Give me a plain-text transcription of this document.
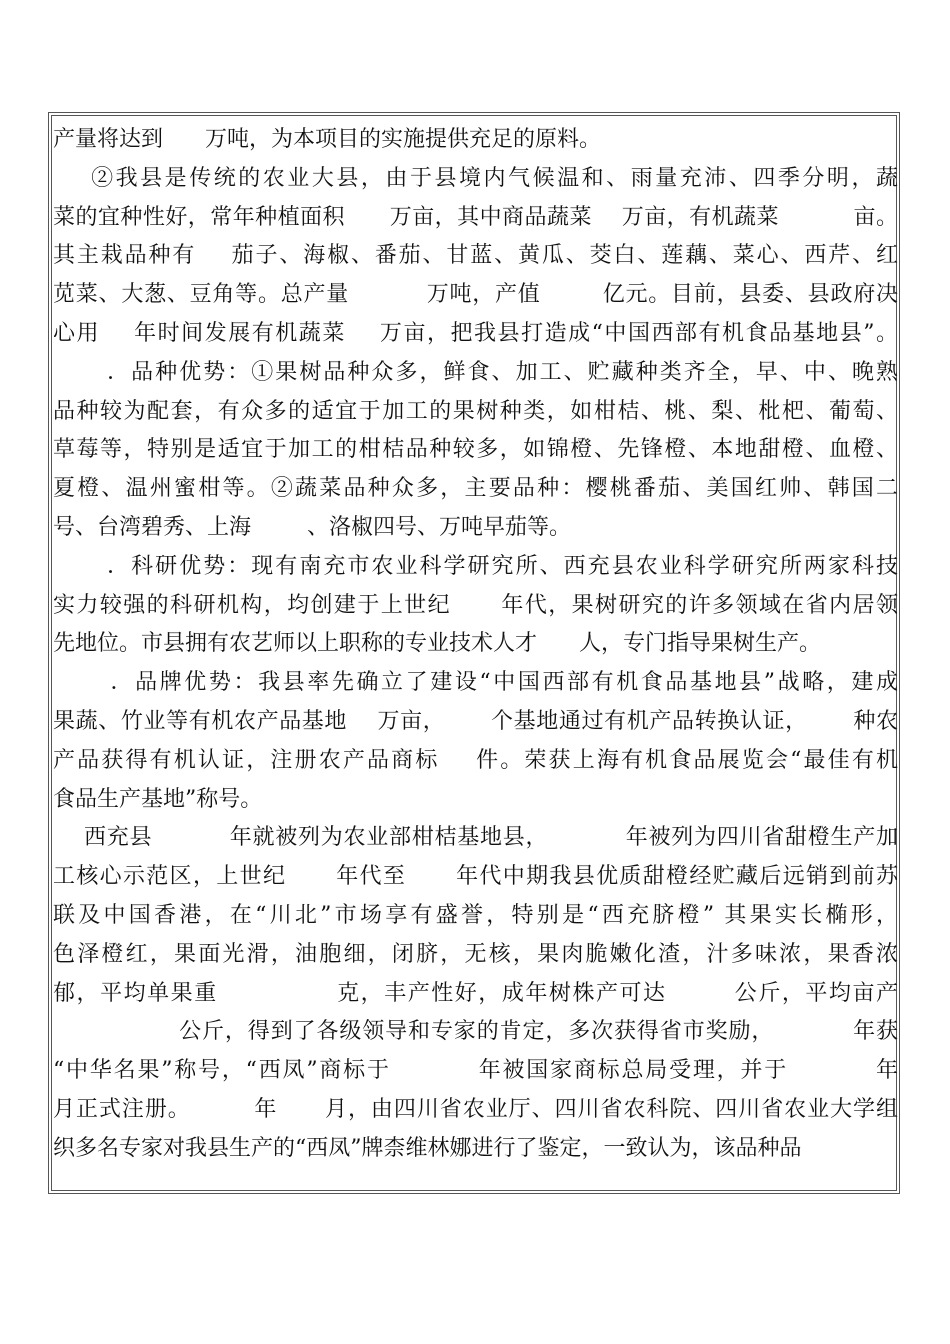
产量将达到      万吨，为本项目的实施提供充足的原料。
②我县是传统的农业大县，由于县境内气候温和、雨量充沛、四季分明，蔬
菜的宜种性好，常年种植面积      万亩，其中商品蔬菜    万亩，有机蔬菜          亩。
其主栽品种有    茄子、海椒、番茄、甘蓝、黄瓜、茭白、莲藕、菜心、西芹、红
苋菜、大葱、豆角等。总产量          万吨，产值        亿元。目前，县委、县政府决
心用    年时间发展有机蔬菜    万亩，把我县打造成“中国西部有机食品基地县”。
．品种优势：①果树品种众多，鲜食、加工、贮藏种类齐全，早、中、晚熟
品种较为配套，有众多的适宜于加工的果树种类，如柑桔、桃、梨、枇杷、葡萄、
草莓等，特别是适宜于加工的柑桔品种较多，如锦橙、先锋橙、本地甜橙、血橙、
夏橙、温州蜜柑等。②蔬菜品种众多，主要品种：樱桃番茄、美国红帅、韩国二
号、台湾碧秀、上海        、洛椒四号、万吨早茄等。
．科研优势：现有南充市农业科学研究所、西充县农业科学研究所两家科技
实力较强的科研机构，均创建于上世纪      年代，果树研究的许多领域在省内居领
先地位。市县拥有农艺师以上职称的专业技术人才      人，专门指导果树生产。
．品牌优势：我县率先确立了建设“中国西部有机食品基地县”战略，建成
果蔬、竹业等有机农产品基地    万亩，      个基地通过有机产品转换认证，      种农
产品获得有机认证，注册农产品商标    件。荣获上海有机食品展览会“最佳有机
食品生产基地”称号。
西充县          年就被列为农业部柑桔基地县，          年被列为四川省甜橙生产加
工核心示范区，上世纪      年代至      年代中期我县优质甜橙经贮藏后远销到前苏
联及中国香港，在“川北”市场享有盛誉，特别是“西充脐橙” 其果实长椭形，
色泽橙红，果面光滑，油胞细，闭脐，无核，果肉脆嫩化渣，汁多味浓，果香浓
郁，平均单果重              克，丰产性好，成年树株产可达        公斤，平均亩产
公斤，得到了各级领导和专家的肯定，多次获得省市奖励，          年获
“中华名果”称号，“西凤”商标于          年被国家商标总局受理，并于          年
月正式注册。        年      月，由四川省农业厅、四川省农科院、四川省农业大学组
织多名专家对我县生产的“西凤”牌柰维林娜进行了鉴定，一致认为，该品种品
